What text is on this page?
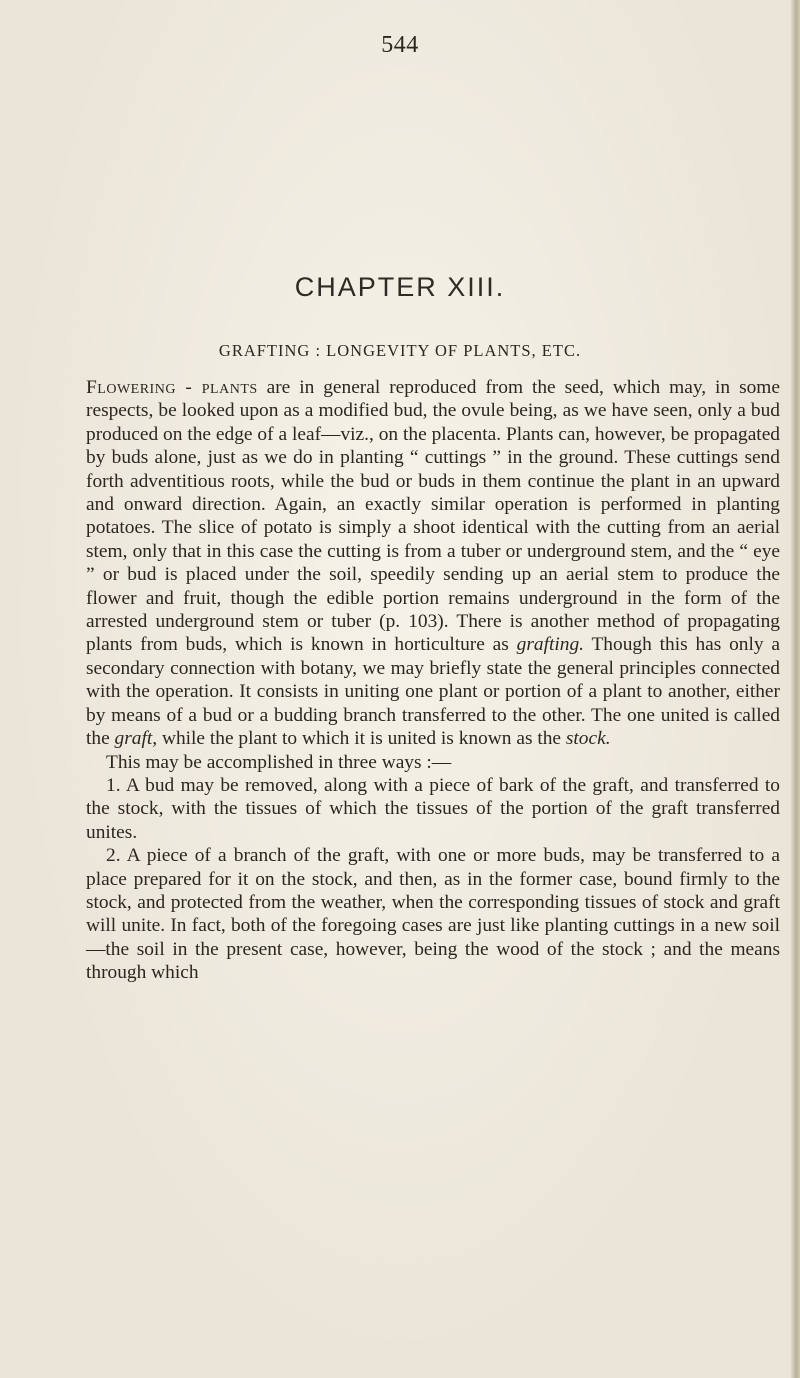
544
CHAPTER XIII.
GRAFTING : LONGEVITY OF PLANTS, ETC.

Flowering - plants are in general reproduced from the seed, which may, in some respects, be looked upon as a modified bud, the ovule being, as we have seen, only a bud produced on the edge of a leaf—viz., on the placenta. Plants can, however, be propagated by buds alone, just as we do in planting “ cuttings ” in the ground. These cuttings send forth adventitious roots, while the bud or buds in them continue the plant in an upward and onward direction. Again, an exactly similar operation is performed in planting potatoes. The slice of potato is simply a shoot identical with the cutting from an aerial stem, only that in this case the cutting is from a tuber or underground stem, and the “ eye ” or bud is placed under the soil, speedily sending up an aerial stem to produce the flower and fruit, though the edible portion remains underground in the form of the arrested underground stem or tuber (p. 103). There is another method of propagating plants from buds, which is known in horticulture as grafting. Though this has only a secondary connection with botany, we may briefly state the general principles connected with the operation. It consists in uniting one plant or portion of a plant to another, either by means of a bud or a budding branch transferred to the other. The one united is called the graft, while the plant to which it is united is known as the stock.

This may be accomplished in three ways :—

1. A bud may be removed, along with a piece of bark of the graft, and transferred to the stock, with the tissues of which the tissues of the portion of the graft transferred unites.

2. A piece of a branch of the graft, with one or more buds, may be transferred to a place prepared for it on the stock, and then, as in the former case, bound firmly to the stock, and protected from the weather, when the corresponding tissues of stock and graft will unite. In fact, both of the foregoing cases are just like planting cuttings in a new soil—the soil in the present case, however, being the wood of the stock ; and the means through which
